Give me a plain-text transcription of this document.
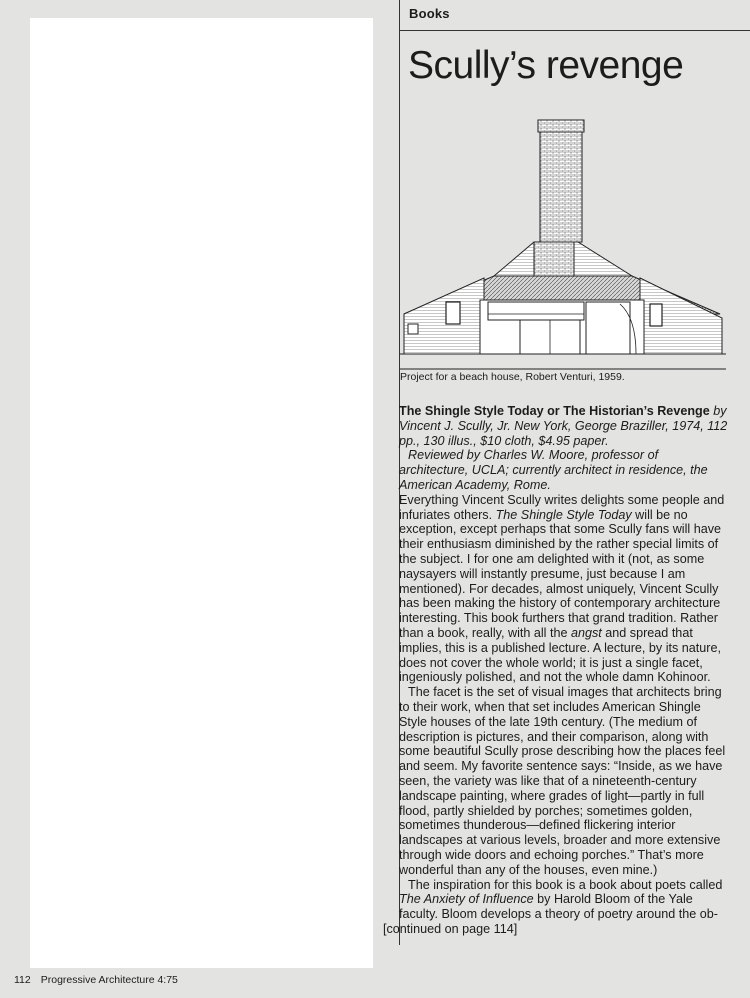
Books
Scully’s revenge
Project for a beach house, Robert Venturi, 1959.

The Shingle Style Today or The Historian’s Revenge by Vincent J. Scully, Jr. New York, George Braziller, 1974, 112 pp., 130 illus., $10 cloth, $4.95 paper.

Reviewed by Charles W. Moore, professor of architecture, UCLA; currently architect in residence, the American Academy, Rome.

Everything Vincent Scully writes delights some people and infuriates others. The Shingle Style Today will be no exception, except perhaps that some Scully fans will have their enthusiasm diminished by the rather special limits of the subject. I for one am delighted with it (not, as some naysayers will instantly presume, just because I am mentioned). For decades, almost uniquely, Vincent Scully has been making the history of contemporary architecture interesting. This book furthers that grand tradition. Rather than a book, really, with all the angst and spread that implies, this is a published lecture. A lecture, by its nature, does not cover the whole world; it is just a single facet, ingeniously polished, and not the whole damn Kohinoor.

The facet is the set of visual images that architects bring to their work, when that set includes American Shingle Style houses of the late 19th century. (The medium of description is pictures, and their comparison, along with some beautiful Scully prose describing how the places feel and seem. My favorite sentence says: “Inside, as we have seen, the variety was like that of a nineteenth-century landscape painting, where grades of light—partly in full flood, partly shielded by porches; sometimes golden, sometimes thunderous—defined flickering interior landscapes at various levels, broader and more extensive through wide doors and echoing porches.” That’s more wonderful than any of the houses, even mine.)

The inspiration for this book is a book about poets called The Anxiety of Influence by Harold Bloom of the Yale faculty. Bloom develops a theory of poetry around the ob-

[continued on page 114]

112 Progressive Architecture 4:75
